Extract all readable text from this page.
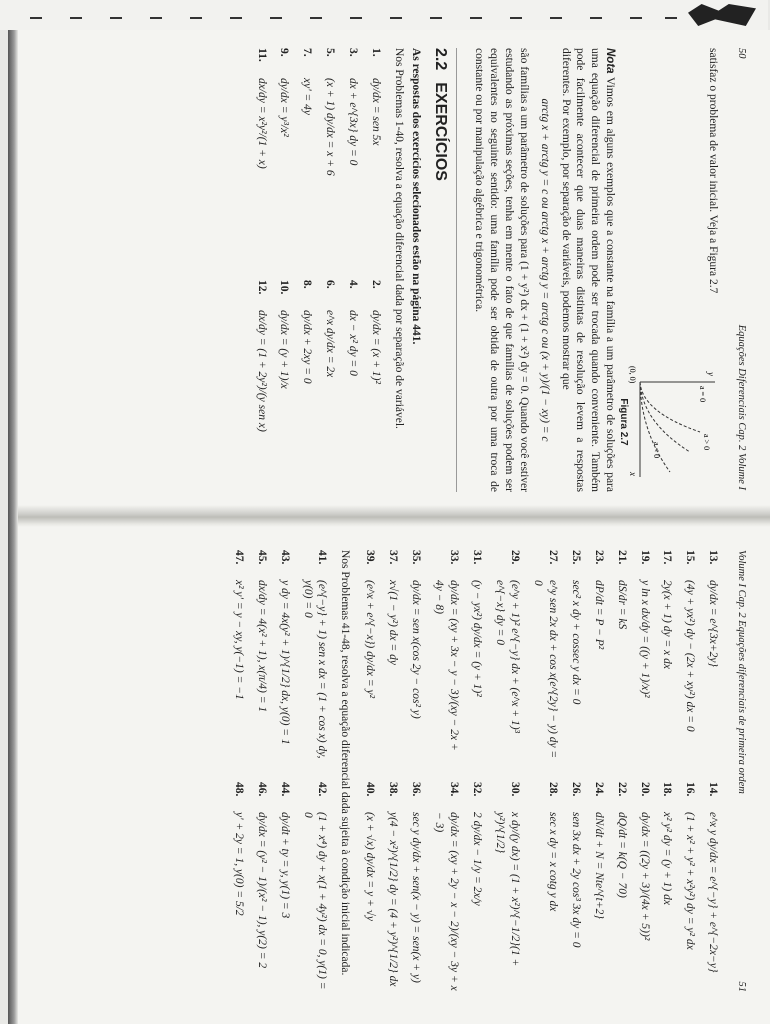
50
Equações Diferenciais Cap. 2 Volume I
y
a = 0
a > 0
a < 0
(0, 0)
x
Figura 2.7

satisfaz o problema de valor inicial. Veja a Figura 2.7

Nota Vimos em alguns exemplos que a constante na família a um parâmetro de soluções para uma equação diferencial de primeira ordem pode ser trocada quando conveniente. Também pode facilmente acontecer que duas maneiras distintas de resolução levem a respostas diferentes. Por exemplo, por separação de variáveis, podemos mostrar que

arctg x + arctg y = c ou arctg x + arctg y = arctg c ou (x + y)/(1 − xy) = c

são famílias a um parâmetro de soluções para (1 + y²) dx + (1 + x²) dy = 0. Quando você estiver estudando as próximas seções, tenha em mente o fato de que famílias de soluções podem ser equivalentes no seguinte sentido: uma família pode ser obtida de outra por uma troca de constante ou por manipulação algébrica e trigonométrica.

2.2
EXERCÍCIOS
As respostas dos exercícios selecionados estão na página 441.
Nos Problemas 1-40, resolva a equação diferencial dada por separação de variável.
1.
dy/dx = sen 5x
2.
dy/dx = (x + 1)²
3.
dx + e^{3x} dy = 0
4.
dx − x² dy = 0
5.
(x + 1) dy/dx = x + 6
6.
e^x dy/dx = 2x
7.
xy' = 4y
8.
dy/dx + 2xy = 0
9.
dy/dx = y³/x²
10.
dy/dx = (y + 1)/x
11.
dx/dy = x²y²/(1 + x)
12.
dx/dy = (1 + 2y²)/(y sen x)
Volume I Cap. 2 Equações diferenciais de primeira ordem
51
13.
dy/dx = e^{3x+2y}
14.
e^x y dy/dx = e^{−y} + e^{−2x−y}
15.
(4y + yx²) dy − (2x + xy²) dx = 0
16.
(1 + x² + y² + x²y²) dy = y² dx
17.
2y(x + 1) dy = x dx
18.
x² y² dy = (y + 1) dx
19.
y ln x dx/dy = ((y + 1)/x)²
20.
dy/dx = ((2y + 3)/(4x + 5))²
21.
dS/dr = kS
22.
dQ/dt = k(Q − 70)
23.
dP/dt = P − P²
24.
dN/dt + N = Nte^{t+2}
25.
sec² x dy + cossec y dx = 0
26.
sen 3x dx + 2y cos³ 3x dy = 0
27.
e^y sen 2x dx + cos x(e^{2y} − y) dy = 0
28.
sec x dy = x cotg y dx
29.
(e^y + 1)² e^{−y} dx + (e^x + 1)³ e^{−x} dy = 0
30.
x dy/(y dx) = (1 + x²)^{−1/2}(1 + y²)^{1/2}
31.
(y − yx²) dy/dx = (y + 1)²
32.
2 dy/dx − 1/y = 2x/y
33.
dy/dx = (xy + 3x − y − 3)/(xy − 2x + 4y − 8)
34.
dy/dx = (xy + 2y − x − 2)/(xy − 3y + x − 3)
35.
dy/dx = sen x(cos 2y − cos² y)
36.
sec y dy/dx + sen(x − y) = sen(x + y)
37.
x√(1 − y²) dx = dy
38.
y(4 − x²)^{1/2} dy = (4 + y²)^{1/2} dx
39.
(e^x + e^{−x}) dy/dx = y²
40.
(x + √x) dy/dx = y + √y
Nos Problemas 41-48, resolva a equação diferencial dada sujeita à condição inicial indicada.
41.
(e^{−y} + 1) sen x dx = (1 + cos x) dy, y(0) = 0
42.
(1 + x⁴) dy + x(1 + 4y²) dx = 0, y(1) = 0
43.
y dy = 4x(y² + 1)^{1/2} dx, y(0) = 1
44.
dy/dt + ty = y, y(1) = 3
45.
dx/dy = 4(x² + 1), x(π/4) = 1
46.
dy/dx = (y² − 1)/(x² − 1), y(2) = 2
47.
x² y' = y − xy, y(−1) = −1
48.
y' + 2y = 1, y(0) = 5/2
